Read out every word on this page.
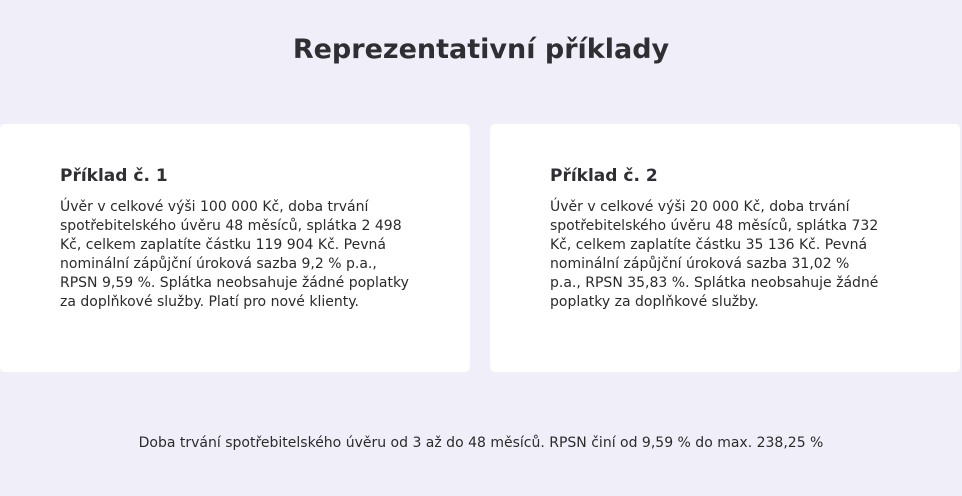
Reprezentativní příklady
Příklad č. 1

Úvěr v celkové výši 100 000 Kč, doba trvání spotřebitelského úvěru 48 měsíců, splátka 2 498 Kč, celkem zaplatíte částku 119 904 Kč. Pevná nominální zápůjční úroková sazba 9,2 % p.a., RPSN 9,59 %. Splátka neobsahuje žádné poplatky za doplňkové služby. Platí pro nové klienty.

Příklad č. 2

Úvěr v celkové výši 20 000 Kč, doba trvání spotřebitelského úvěru 48 měsíců, splátka 732 Kč, celkem zaplatíte částku 35 136 Kč. Pevná nominální zápůjční úroková sazba 31,02 % p.a., RPSN 35,83 %. Splátka neobsahuje žádné poplatky za doplňkové služby.

Doba trvání spotřebitelského úvěru od 3 až do 48 měsíců. RPSN činí od 9,59 % do max. 238,25 %
